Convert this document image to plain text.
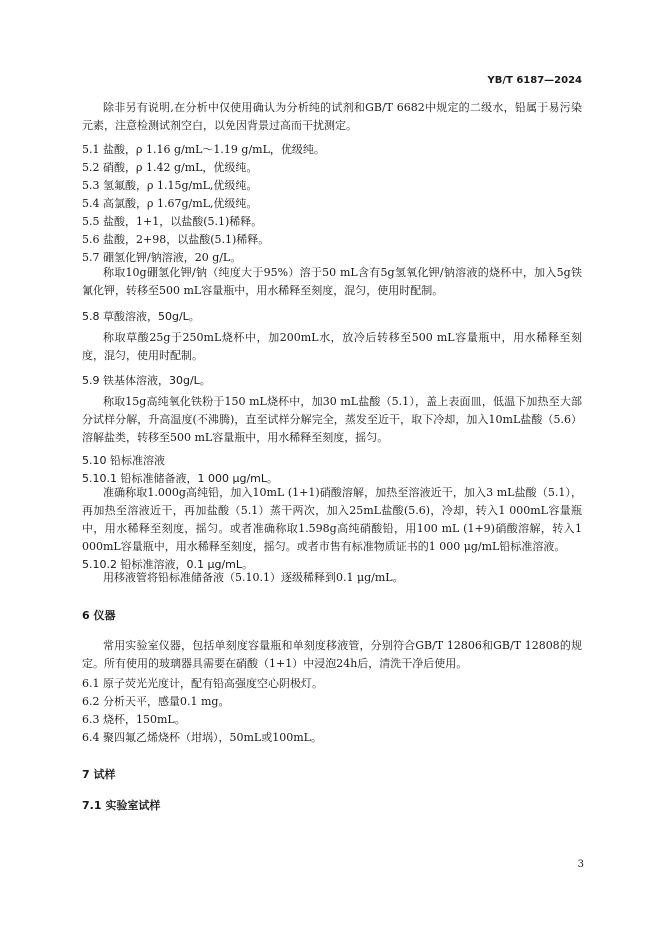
YB/T 6187—2024
除非另有说明,在分析中仅使用确认为分析纯的试剂和GB/T 6682中规定的二级水，铅属于易污染元素，注意检测试剂空白，以免因背景过高而干扰测定。
5.1 盐酸，ρ 1.16 g/mL～1.19 g/mL，优级纯。
5.2 硝酸，ρ 1.42 g/mL，优级纯。
5.3 氢氟酸，ρ 1.15g/mL,优级纯。
5.4 高氯酸，ρ 1.67g/mL,优级纯。
5.5 盐酸，1+1，以盐酸(5.1)稀释。
5.6 盐酸，2+98，以盐酸(5.1)稀释。
5.7 硼氢化钾/钠溶液，20 g/L。
称取10g硼氢化钾/钠（纯度大于95%）溶于50 mL含有5g氢氧化钾/钠溶液的烧杯中，加入5g铁氰化钾，转移至500 mL容量瓶中，用水稀释至刻度，混匀，使用时配制。
5.8 草酸溶液，50g/L。
称取草酸25g于250mL烧杯中，加200mL水，放冷后转移至500 mL容量瓶中，用水稀释至刻度，混匀，使用时配制。
5.9 铁基体溶液，30g/L。
称取15g高纯氧化铁粉于150 mL烧杯中，加30 mL盐酸（5.1），盖上表面皿，低温下加热至大部分试样分解，升高温度(不沸腾)，直至试样分解完全，蒸发至近干，取下冷却，加入10mL盐酸（5.6）溶解盐类，转移至500 mL容量瓶中，用水稀释至刻度，摇匀。
5.10 铅标准溶液
5.10.1 铅标准储备液，1 000 μg/mL。
准确称取1.000g高纯铅，加入10mL (1+1)硝酸溶解，加热至溶液近干，加入3 mL盐酸（5.1），再加热至溶液近干，再加盐酸（5.1）蒸干两次，加入25mL盐酸(5.6)，冷却，转入1 000mL容量瓶中，用水稀释至刻度，摇匀。或者准确称取1.598g高纯硝酸铅，用100 mL (1+9)硝酸溶解，转入1 000mL容量瓶中，用水稀释至刻度，摇匀。或者市售有标准物质证书的1 000 μg/mL铅标准溶液。
5.10.2 铅标准溶液，0.1 μg/mL。
用移液管将铅标准储备液（5.10.1）逐级稀释到0.1 μg/mL。
6 仪器
常用实验室仪器，包括单刻度容量瓶和单刻度移液管，分别符合GB/T 12806和GB/T 12808的规定。所有使用的玻璃器具需要在硝酸（1+1）中浸泡24h后，清洗干净后使用。
6.1 原子荧光光度计，配有铅高强度空心阴极灯。
6.2 分析天平，感量0.1 mg。
6.3 烧杯，150mL。
6.4 聚四氟乙烯烧杯（坩埚），50mL或100mL。
7 试样
7.1 实验室试样
3
